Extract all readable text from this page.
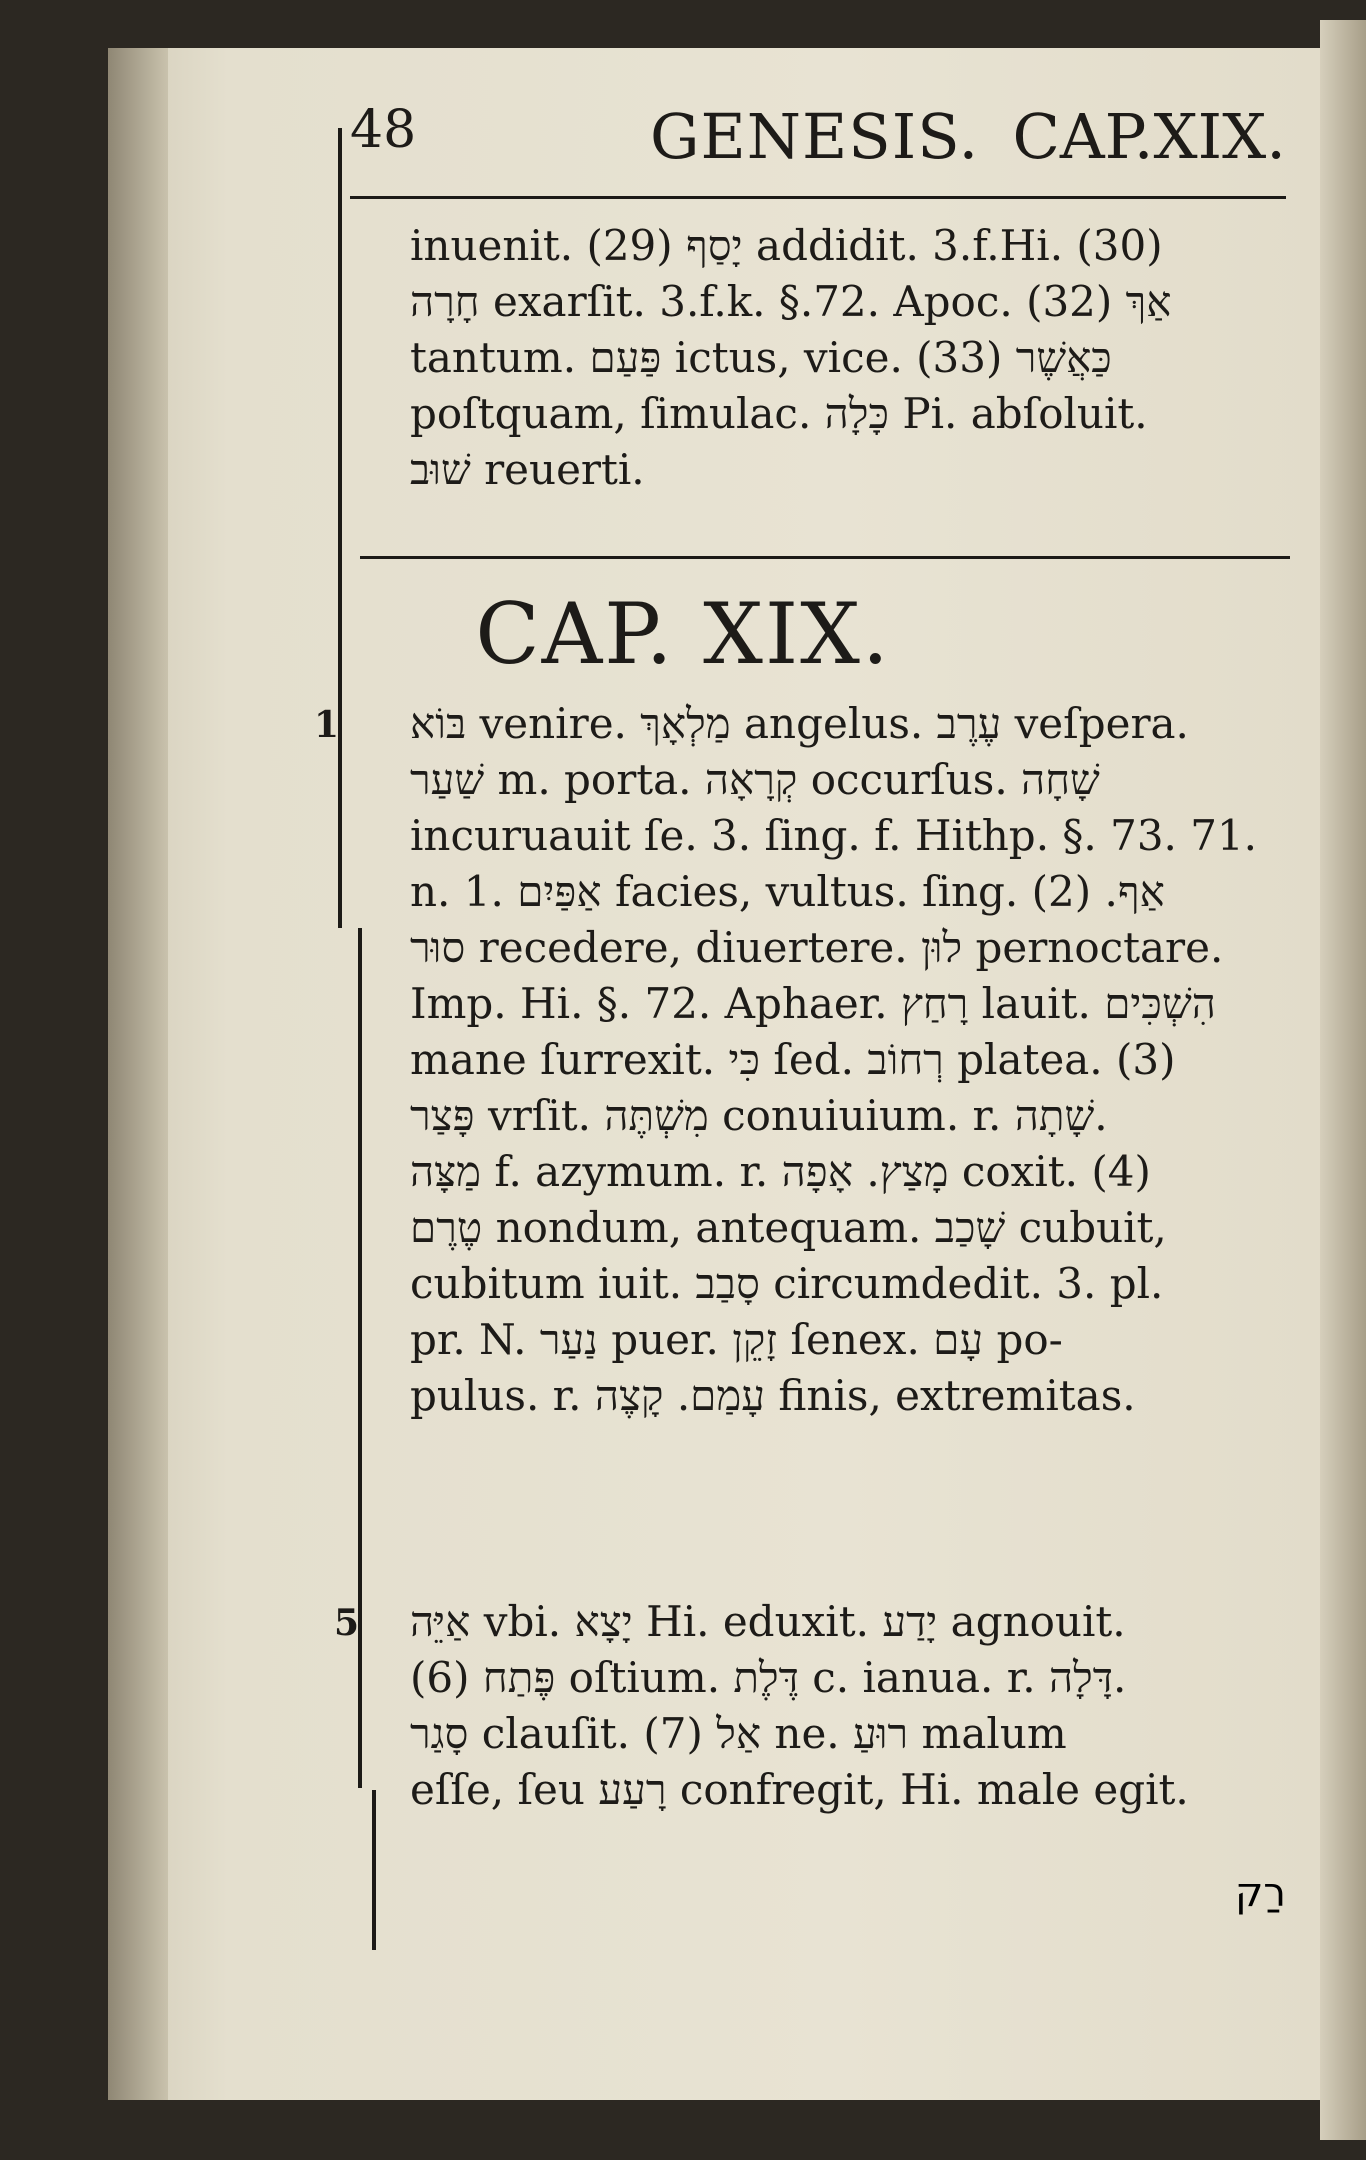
48	GENESIS. CAP.XIX.

inuenit. (29) יָסַף addidit. 3.f.Hi. (30)

חָרָה exarſit. 3.f.k. §.72. Apoc. (32) אַךְ

tantum. פַּעַם ictus, vice. (33) כַּאֲשֶׁר

poſtquam, ſimulac. כָּלָה Pi. abſoluit.

שׁוּב reuerti.

CAP. XIX.
1 בּוֹא venire. מַלְאָךְ angelus. עֶרֶב veſpera.

שַׁעַר m. porta. קְרָאָה occurſus. שָׁחָה

incuruauit ſe. 3. ſing. f. Hithp. §. 73. 71.

n. 1. אַפַּיִם facies, vultus. ſing. אַף. (2)

סוּר recedere, diuertere. לוּן pernoctare.

Imp. Hi. §. 72. Aphaer. רָחַץ lauit. הִשְׁכִּים

mane ſurrexit. כִּי ſed. רְחוֹב platea. (3)

פָּצַר vrſit. מִשְׁתֶּה conuiuium. r. שָׁתָה.

מַצָּה f. azymum. r. מָצַץ. אָפָה coxit. (4)

טֶרֶם nondum, antequam. שָׁכַב cubuit,

cubitum iuit. סָבַב circumdedit. 3. pl.

pr. N. נַעַר puer. זָקֵן ſenex. עָם po-

pulus. r. עָמַם. קָצֶה finis, extremitas.

5 אַיֵּה vbi. יָצָא Hi. eduxit. יָדַע agnouit.

(6) פֶּתַח oſtium. דֶּלֶת c. ianua. r. דָּלָה.

סָגַר clauſit. (7) אַל ne. רוּעַ malum

eſſe, ſeu רָעַע confregit, Hi. male egit.

רַק
